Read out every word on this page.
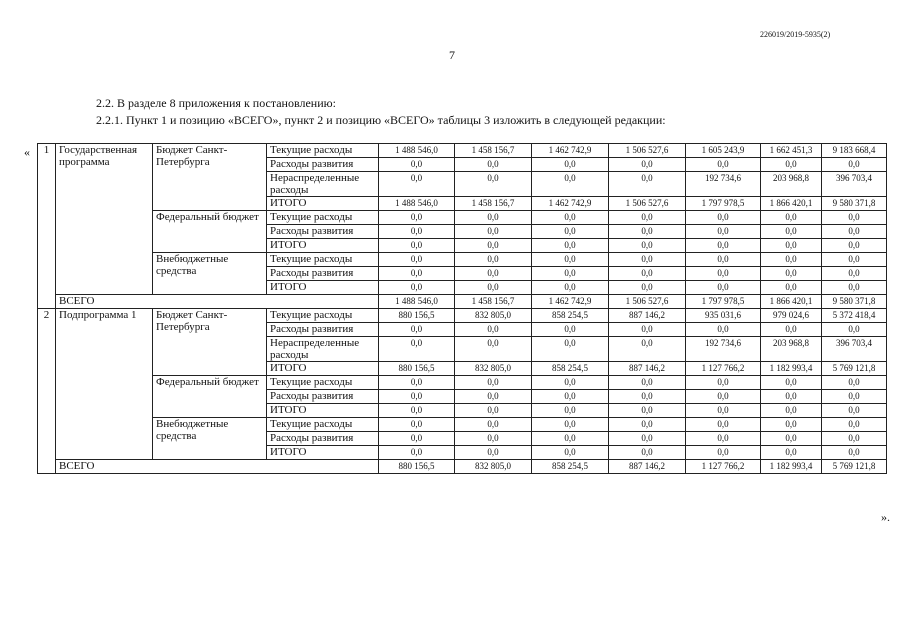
226019/2019-5935(2)
7
2.2. В разделе 8 приложения к постановлению:
2.2.1. Пункт 1 и позицию «ВСЕГО», пункт 2 и позицию «ВСЕГО» таблицы 3 изложить в следующей редакции:
«
».
1	Государственная программа	Бюджет Санкт-Петербурга	Текущие расходы	1 488 546,0	1 458 156,7	1 462 742,9	1 506 527,6	1 605 243,9	1 662 451,3	9 183 668,4
			Расходы развития	0,0	0,0	0,0	0,0	0,0	0,0	0,0
			Нераспределенные расходы	0,0	0,0	0,0	0,0	192 734,6	203 968,8	396 703,4
			ИТОГО	1 488 546,0	1 458 156,7	1 462 742,9	1 506 527,6	1 797 978,5	1 866 420,1	9 580 371,8
		Федеральный бюджет	Текущие расходы	0,0	0,0	0,0	0,0	0,0	0,0	0,0
			Расходы развития	0,0	0,0	0,0	0,0	0,0	0,0	0,0
			ИТОГО	0,0	0,0	0,0	0,0	0,0	0,0	0,0
		Внебюджетные средства	Текущие расходы	0,0	0,0	0,0	0,0	0,0	0,0	0,0
			Расходы развития	0,0	0,0	0,0	0,0	0,0	0,0	0,0
			ИТОГО	0,0	0,0	0,0	0,0	0,0	0,0	0,0
	ВСЕГО			1 488 546,0	1 458 156,7	1 462 742,9	1 506 527,6	1 797 978,5	1 866 420,1	9 580 371,8
2	Подпрограмма 1	Бюджет Санкт-Петербурга	Текущие расходы	880 156,5	832 805,0	858 254,5	887 146,2	935 031,6	979 024,6	5 372 418,4
			Расходы развития	0,0	0,0	0,0	0,0	0,0	0,0	0,0
			Нераспределенные расходы	0,0	0,0	0,0	0,0	192 734,6	203 968,8	396 703,4
			ИТОГО	880 156,5	832 805,0	858 254,5	887 146,2	1 127 766,2	1 182 993,4	5 769 121,8
		Федеральный бюджет	Текущие расходы	0,0	0,0	0,0	0,0	0,0	0,0	0,0
			Расходы развития	0,0	0,0	0,0	0,0	0,0	0,0	0,0
			ИТОГО	0,0	0,0	0,0	0,0	0,0	0,0	0,0
		Внебюджетные средства	Текущие расходы	0,0	0,0	0,0	0,0	0,0	0,0	0,0
			Расходы развития	0,0	0,0	0,0	0,0	0,0	0,0	0,0
			ИТОГО	0,0	0,0	0,0	0,0	0,0	0,0	0,0
	ВСЕГО			880 156,5	832 805,0	858 254,5	887 146,2	1 127 766,2	1 182 993,4	5 769 121,8
